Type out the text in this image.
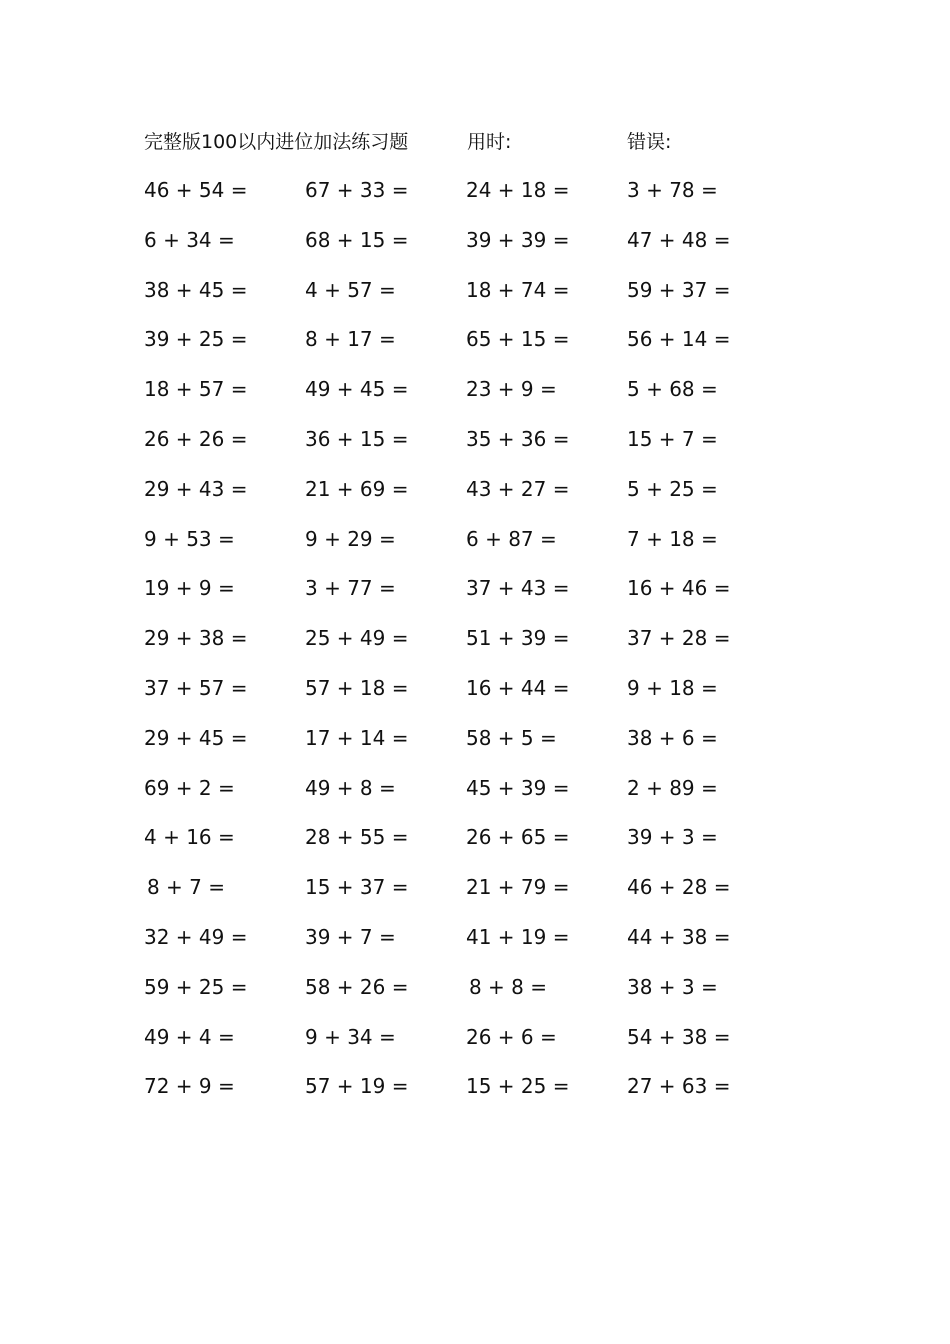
完整版100以内进位加法练习题	用时:	错误:
46 + 54 =	67 + 33 =	24 + 18 =	3 + 78 =
6 + 34 =	68 + 15 =	39 + 39 =	47 + 48 =
38 + 45 =	4 + 57 =	18 + 74 =	59 + 37 =
39 + 25 =	8 + 17 =	65 + 15 =	56 + 14 =
18 + 57 =	49 + 45 =	23 + 9 =	5 + 68 =
26 + 26 =	36 + 15 =	35 + 36 =	15 + 7 =
29 + 43 =	21 + 69 =	43 + 27 =	5 + 25 =
9 + 53 =	9 + 29 =	6 + 87 =	7 + 18 =
19 + 9 =	3 + 77 =	37 + 43 =	16 + 46 =
29 + 38 =	25 + 49 =	51 + 39 =	37 + 28 =
37 + 57 =	57 + 18 =	16 + 44 =	9 + 18 =
29 + 45 =	17 + 14 =	58 + 5 =	38 + 6 =
69 + 2 =	49 + 8 =	45 + 39 =	2 + 89 =
4 + 16 =	28 + 55 =	26 + 65 =	39 + 3 =
8 + 7 =	15 + 37 =	21 + 79 =	46 + 28 =
32 + 49 =	39 + 7 =	41 + 19 =	44 + 38 =
59 + 25 =	58 + 26 =	8 + 8 =	38 + 3 =
49 + 4 =	9 + 34 =	26 + 6 =	54 + 38 =
72 + 9 =	57 + 19 =	15 + 25 =	27 + 63 =
